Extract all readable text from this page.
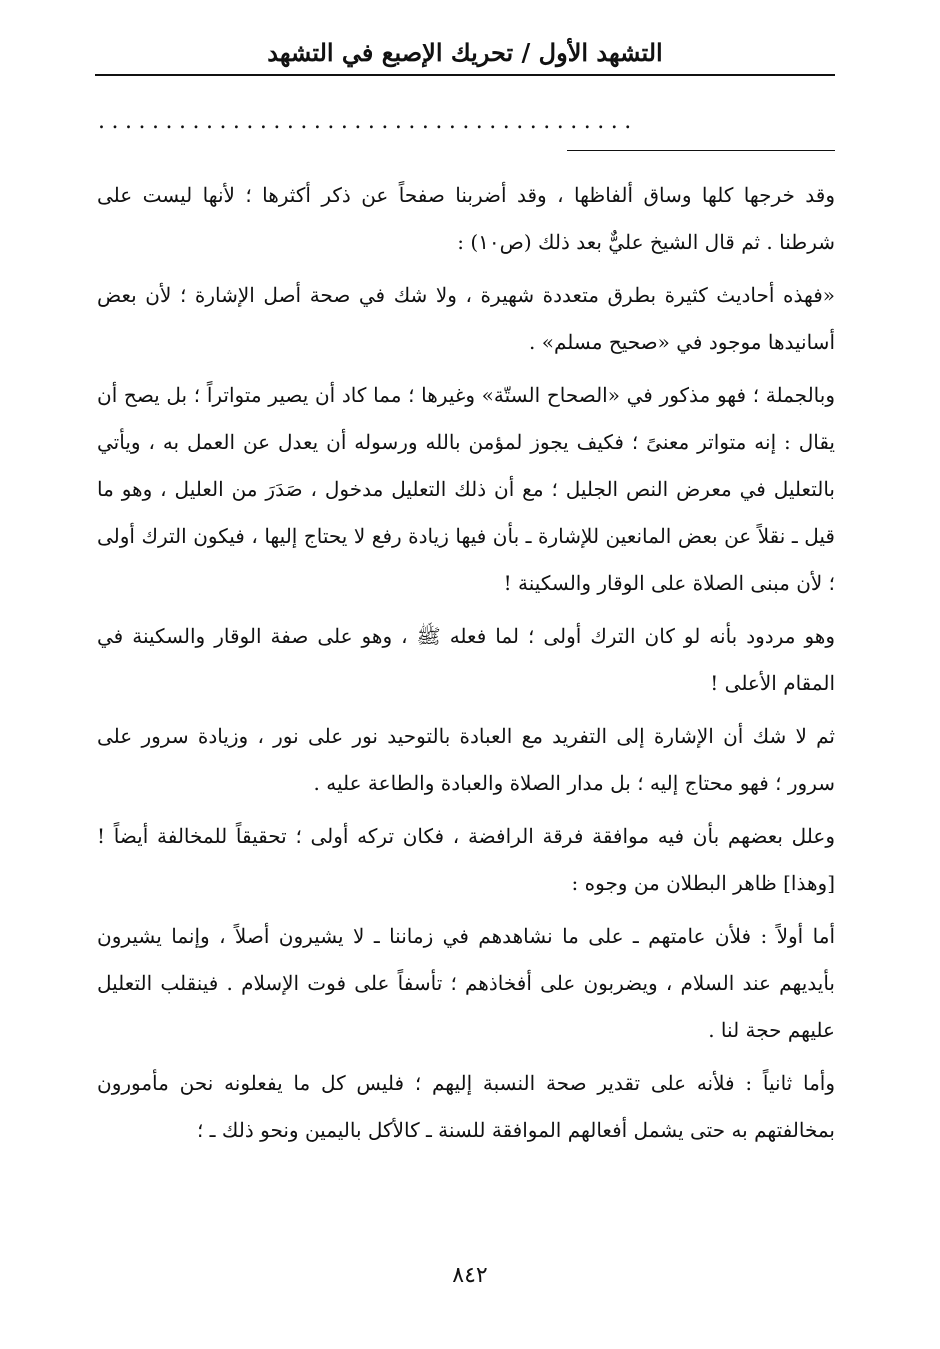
التشهد الأول / تحريك الإصبع في التشهد
........................................

وقد خرجها كلها وساق ألفاظها ، وقد أضربنا صفحاً عن ذكر أكثرها ؛ لأنها ليست على شرطنا . ثم قال الشيخ عليٌّ بعد ذلك (ص١٠) :

«فهذه أحاديث كثيرة بطرق متعددة شهيرة ، ولا شك في صحة أصل الإشارة ؛ لأن بعض أسانيدها موجود في «صحيح مسلم» .

وبالجملة ؛ فهو مذكور في «الصحاح الستّة» وغيرها ؛ مما كاد أن يصير متواتراً ؛ بل يصح أن يقال : إنه متواتر معنىً ؛ فكيف يجوز لمؤمن بالله ورسوله أن يعدل عن العمل به ، ويأتي بالتعليل في معرض النص الجليل ؛ مع أن ذلك التعليل مدخول ، صَدَرَ من العليل ، وهو ما قيل ـ نقلاً عن بعض المانعين للإشارة ـ بأن فيها زيادة رفع لا يحتاج إليها ، فيكون الترك أولى ؛ لأن مبنى الصلاة على الوقار والسكينة !

وهو مردود بأنه لو كان الترك أولى ؛ لما فعله ﷺ ، وهو على صفة الوقار والسكينة في المقام الأعلى !

ثم لا شك أن الإشارة إلى التفريد مع العبادة بالتوحيد نور على نور ، وزيادة سرور على سرور ؛ فهو محتاج إليه ؛ بل مدار الصلاة والعبادة والطاعة عليه .

وعلل بعضهم بأن فيه موافقة فرقة الرافضة ، فكان تركه أولى ؛ تحقيقاً للمخالفة أيضاً ! [وهذا] ظاهر البطلان من وجوه :

أما أولاً : فلأن عامتهم ـ على ما نشاهدهم في زماننا ـ لا يشيرون أصلاً ، وإنما يشيرون بأيديهم عند السلام ، ويضربون على أفخاذهم ؛ تأسفاً على فوت الإسلام . فينقلب التعليل عليهم حجة لنا .

وأما ثانياً : فلأنه على تقدير صحة النسبة إليهم ؛ فليس كل ما يفعلونه نحن مأمورون بمخالفتهم به حتى يشمل أفعالهم الموافقة للسنة ـ كالأكل باليمين ونحو ذلك ـ ؛

٨٤٢
